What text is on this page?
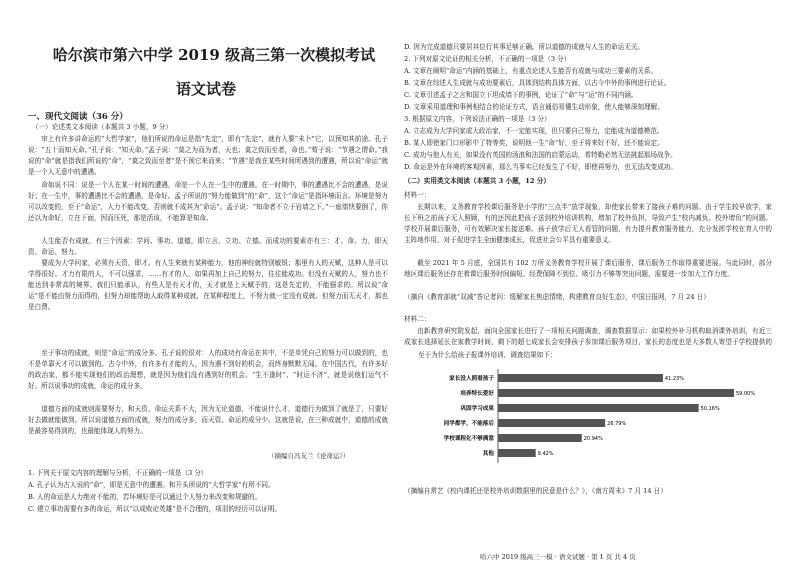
哈尔滨市第六中学 2019 级高三第一次模拟考试
语文试卷
一、现代文阅读（36 分）
（一）论述类文本阅读（本题共 3 小题，9 分）
审上有许多讲命运的“大哲学家”，他们所说的命运是指“先定”，即有“先定”，就有人要“未卜”它，以预知其前途。孔子说：“五十而知天命。”孔子说：“知天命。”孟子说：“莫之为而为者，天也；莫之致而至者，命也。”荀子说：“节遇之谓命。”我说的“命”就是指我们所说的“命”，“莫之致而至者”是不预它来而来；“节遇”是我在某些时间所遇到的遭遇，所以说“命运”就是一个人无意中的遭遇。
命如说不同：说是一个人在某一时间的遭遇，命是一个人在一生中的遭遇。在一时期中，事的遭遇比不会的遭遇，是说好；在一生中，事的遭遇比不会的遭遇，是命好。孟子所说的“努力能做到”的“命”，这个“命运”是指环境而言。环境是努力可以改变的，至于“命运”，人力不能改变，否则就不成其为“命运”。孟子说：“知命者不立于岩墙之下。”一座墙快要倒了，你还以为命好，立在下面，因而压死，那是活该，不能算是知命。
人生能否有成就，有三个因素：学问、事功、道德，即立言、立功、立德。而成功的要素亦有三：才、命、力，即天资、命运、努力。
要成为大学问家，必须有天资，即才。有人生来就有某种能力，他的神经就特别敏锐；那里有人的天赋，这种人是可以学得很好。才力有限的人，不可以强求，……有才的人，如果再加上自己的努力，往往能成功。但没有天赋的人，努力也不能达到非常高的境界。我们只能承认，有些人是有天才的，天才就是上天赋予的，这是先定的，不能强求的。所以说“命运”是不能由努力而得的，但努力却能帮助人取得某种成就，在某种程度上，不努力就一定没有成就。但努力而无天才，那也是白费。
至于事功的成就，则是“命运”的成分多。孔子说的很对：人的成功有命运在其中，不是单凭自己的努力可以做到的，也不是单靠天才可以做到的。古今中外，有许多有才能的人，因为遇不到好的机会，而终身默默无闻。在中国古代，有许多好的政治家，都不能实现他们的政治理想，就是因为他们没有遇到好的机会。“生不逢时”、“时运不济”，就是说他们运气不好。所以说事功的成就，命运的成分多。
道德方面的成就则需要努力，和天资、命运关系不大，因为无论道德，不能说什么才，道德行为做到了就是了，只要好好去做就能做到。所以说道德方面的成就，努力的成分多，而天资、命运的成分少。这就是说，在三种成就中，道德的成就是最容易得到的，也最能体现人的努力。
（摘编自冯友兰《论命运》）
1. 下列关于原文内容的理解与分析，不正确的一项是（3 分）
A. 孔子认为古人说的“命”，即是无意中的遭遇。和开头所说的“大哲学家”有所不同。
B. 人的命运是人力绝对不能的，若环境好是可以通过个人努力来改变和规避的。
C. 建立事功需要有多的命运，所以“以成败论英雄”是不合理的，项羽的经历可以证明。
D. 因为完成道德只要居其位行其事足够正确。所以道德的成就与人生的命运无关。
2. 下列对原文论证的相关分析，不正确的一项是（3 分）
A. 文章在阐明“命运”内涵的基础上，有重点论述人生能否有成就与成功三要素的关系。
B. 文章在综述人生成就与成功要素后，具体到结构具体方面，以古今中外的事例进行论证。
C. 文章引述孟子之言和国立下坦成墙下的事例，论证了“命”与“运”的不同内涵。
D. 文章采用道理和事例相结合的论证方式，语言通俗易懂生动形象，使人能够深刻理解。
3. 根据原文内容，下列说法正确的一项是（3 分）
A. 立志成为大学问家或大政治家，不一定能实现，但只要自己努力，定能成为道德模范。
B. 某人即使家门口形影中了特等奖，说明他一生“命”好，至于将来好不好，还不能说定。
C. 成功与他人有关，如果没有英国的汤浪和法国的启蒙运动，希特勒必然无法挑起那场战争。
D. 命运是外在环境的客观因素，那么当事实已经发生了不好，即使再努力，也无法改变成功。
（二）实用类文本阅读（本题共 3 小题，12 分）
材料一：
长期以来，义务教育学校课后服务是小学的“三点半”放学现象，却使家长带来了接孩子难的问题。由于学生较早放学，家长下班之前孩子无人照顾，有的还因此把孩子送到校外培训机构，增加了校外负担，导致产生“校内减负、校外增负”的问题。学校开展课后服务，可有效解决家长接送难、孩子放学后无人看管的问题，有力提升教育服务能力，充分发挥学校在育人中的主阵地作用，对于促进学生全面健康成长，促进社会公平具有重要意义。
截至 2021 年 5 月底，全国共有 102 万所义务教育学校开展了课后服务，课后服务工作取得重要进展。与此同时，部分地区课后服务还存在着课后服务时间偏短、经费保障不到位、吸引力不够等突出问题，需要进一步加大工作力度。
（摘自《教育部就“双减”答记者问：缓解家长焦虑情绪，构建教育良好生态》，中国日报网，7 月 24 日）
材料二：
由新教育研究院发起，面向全国家长进行了一项相关问题调查，调查数据显示：如果校外补习机构取消课外培训，有近三成家长选择延长在家教学时间，剩下的超七成家长会安排孩子参加课后服务项目，家长的态度也是大多数人寄望于学校提供的
至于为什么给孩子报课外培训，调查结果如下：
家长没人照看孩子	41.23%
培养特长爱好	59.00%
巩固学习成果	50.16%
同学都学，不能落后	26.79%
学校课程化不够满意	20.94%
其他	9.42%
（摘编自常艺《校内课托还是校外培训数据里的民意是什么？》，《南方周末》7 月 14 日）
哈六中 2019 级高三一模 · 语文试题 · 第 1 页 共 4 页
